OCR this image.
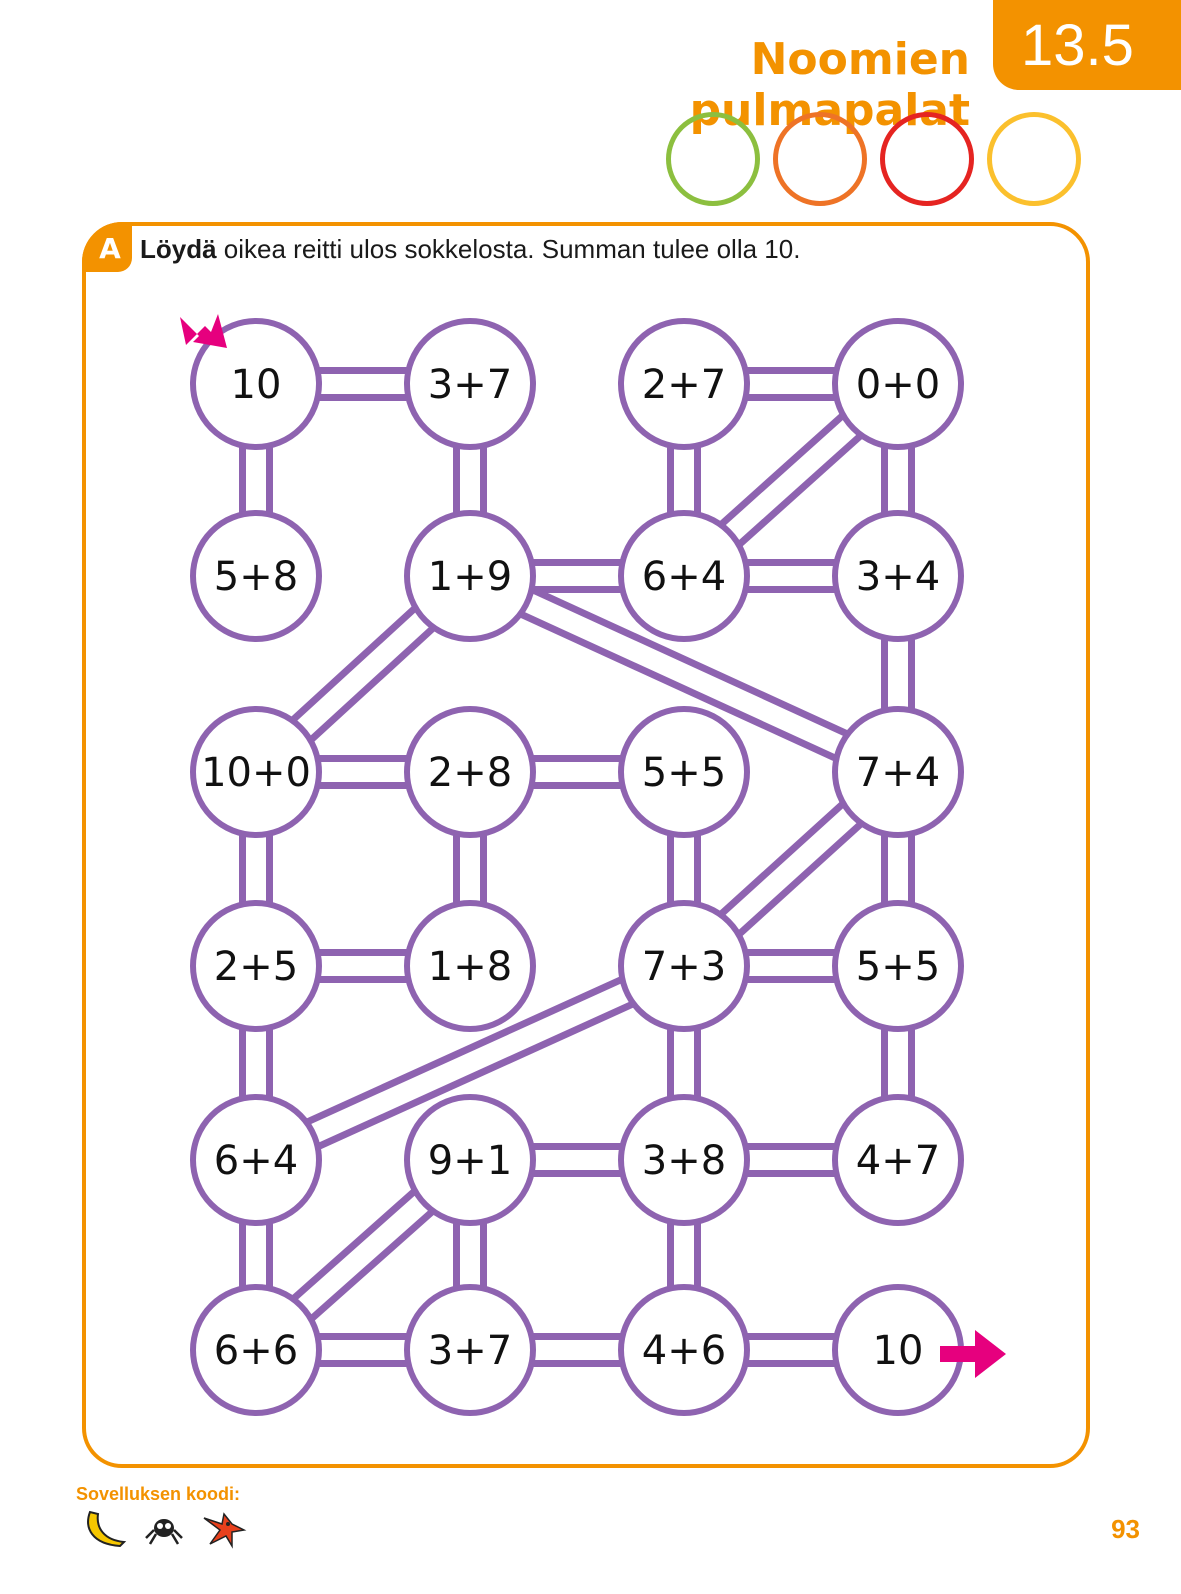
Noomien pulmapalat
13.5
A Löydä oikea reitti ulos sokkelosta. Summan tulee olla 10.
10	3+7	2+7	0+0
5+8	1+9	6+4	3+4
10+0	2+8	5+5	7+4
2+5	1+8	7+3	5+5
6+4	9+1	3+8	4+7
6+6	3+7	4+6	10
Sovelluksen koodi:
93
